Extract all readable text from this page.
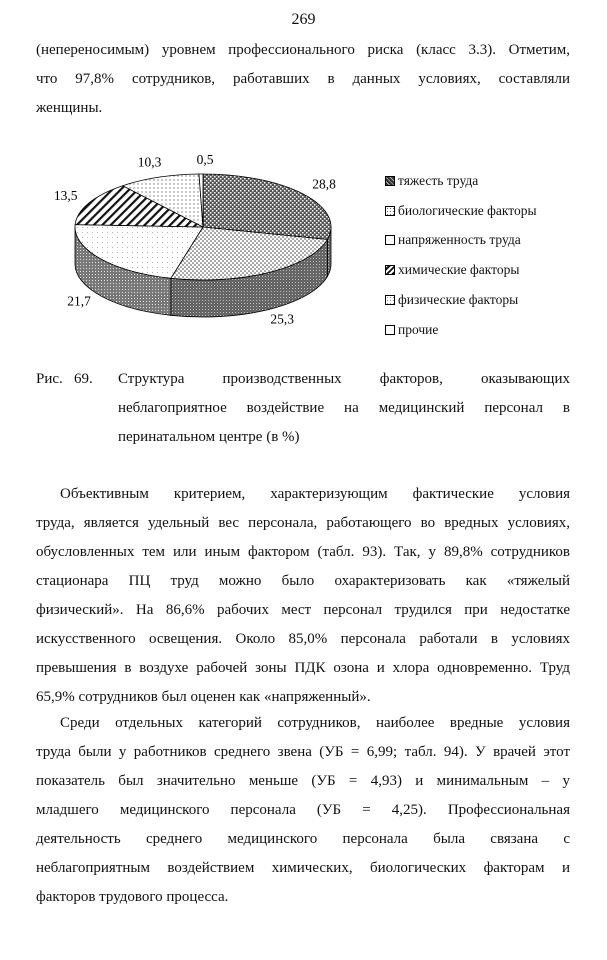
269
(непереносимым) уровнем профессионального риска (класс 3.3). Отметим,
что 97,8% сотрудников, работавших в данных условиях, составляли
женщины.
28,8
25,3
21,7
13,5
10,3	0,5
тяжесть труда
биологические факторы
напряженность труда
химические факторы
физические факторы
прочие
Рис. 69. Структура производственных факторов, оказывающих
неблагоприятное воздействие на медицинский персонал в
перинатальном центре (в %)
Объективным критерием, характеризующим фактические условия
труда, является удельный вес персонала, работающего во вредных условиях,
обусловленных тем или иным фактором (табл. 93). Так, у 89,8% сотрудников
стационара ПЦ труд можно было охарактеризовать как «тяжелый
физический». На 86,6% рабочих мест персонал трудился при недостатке
искусственного освещения. Около 85,0% персонала работали в условиях
превышения в воздухе рабочей зоны ПДК озона и хлора одновременно. Труд
65,9% сотрудников был оценен как «напряженный».
Среди отдельных категорий сотрудников, наиболее вредные условия
труда были у работников среднего звена (УБ = 6,99; табл. 94). У врачей этот
показатель был значительно меньше (УБ = 4,93) и минимальным – у
младшего медицинского персонала (УБ = 4,25). Профессиональная
деятельность среднего медицинского персонала была связана с
неблагоприятным воздействием химических, биологических факторам и
факторов трудового процесса.
